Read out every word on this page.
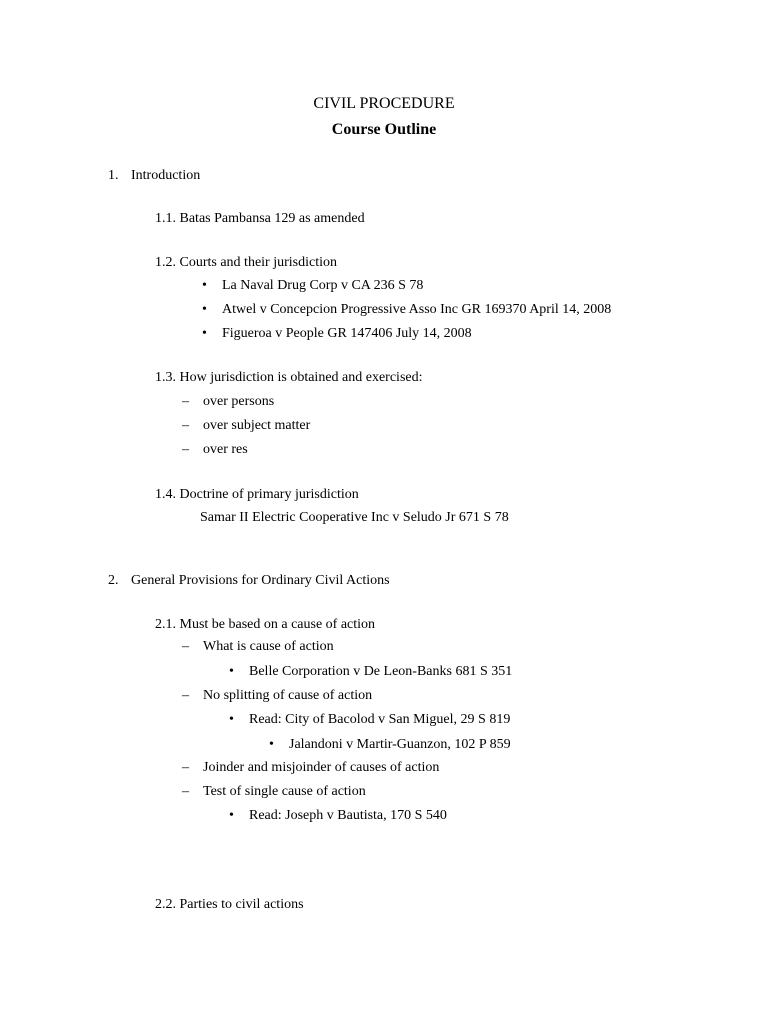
CIVIL PROCEDURE
Course Outline
1. Introduction
1.1. Batas Pambansa 129 as amended
1.2. Courts and their jurisdiction
• La Naval Drug Corp v CA 236 S 78
• Atwel v Concepcion Progressive Asso Inc GR 169370 April 14, 2008
• Figueroa v People GR 147406 July 14, 2008
1.3. How jurisdiction is obtained and exercised:
– over persons
– over subject matter
– over res
1.4. Doctrine of primary jurisdiction
Samar II Electric Cooperative Inc v Seludo Jr 671 S 78
2. General Provisions for Ordinary Civil Actions
2.1. Must be based on a cause of action
– What is cause of action
• Belle Corporation v De Leon-Banks 681 S 351
– No splitting of cause of action
• Read: City of Bacolod v San Miguel, 29 S 819
• Jalandoni v Martir-Guanzon, 102 P 859
– Joinder and misjoinder of causes of action
– Test of single cause of action
• Read: Joseph v Bautista, 170 S 540
2.2. Parties to civil actions
